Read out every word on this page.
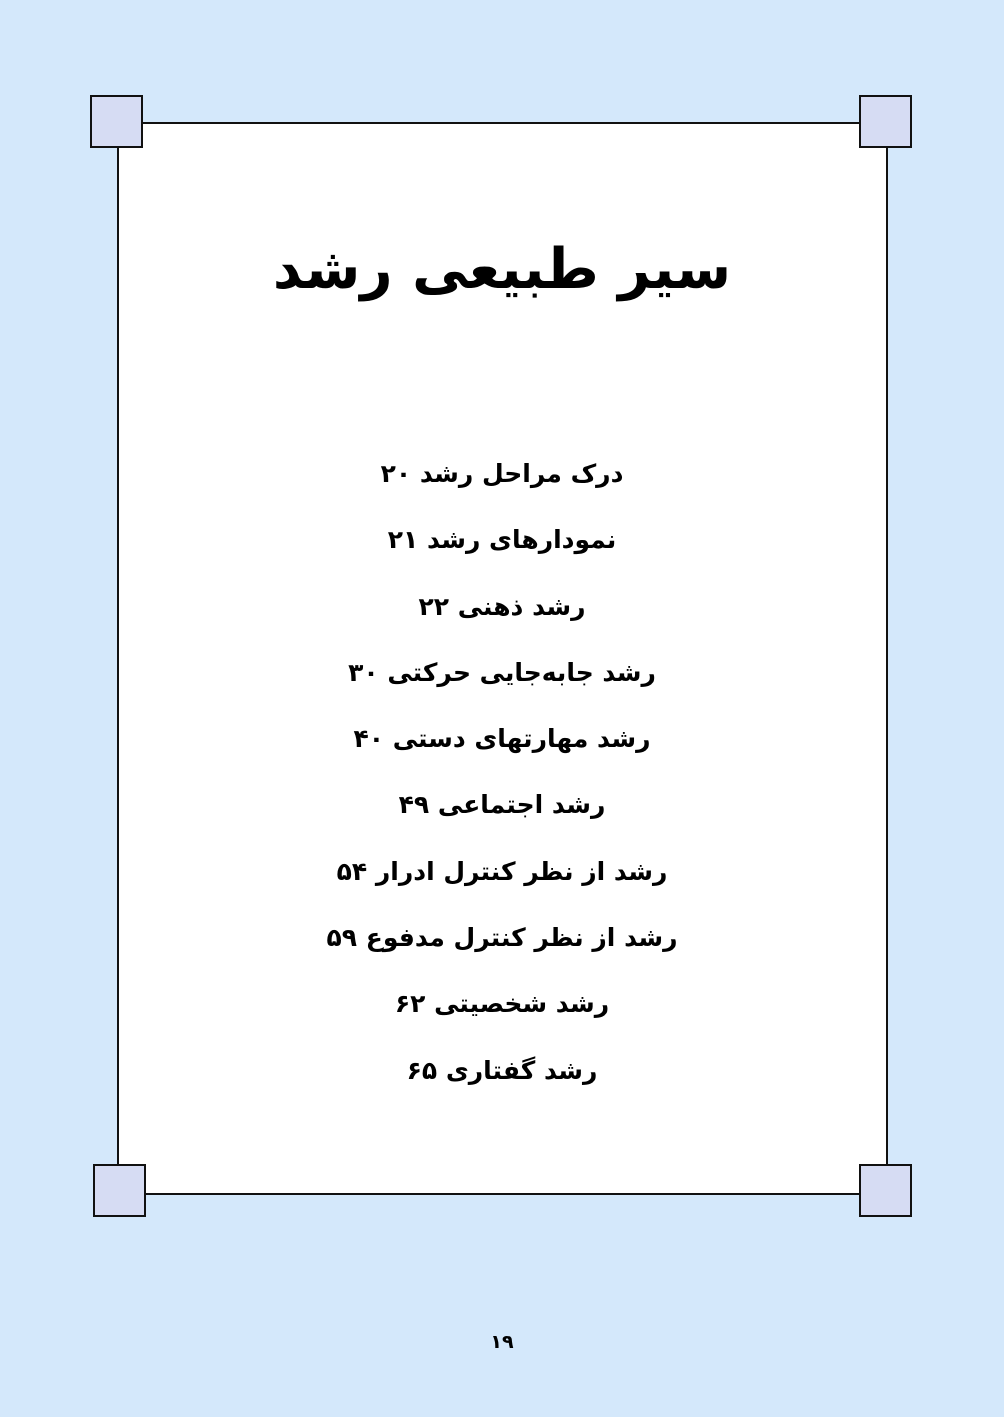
سیر طبیعی رشد
درک مراحل رشد ۲۰
نمودارهای رشد ۲۱
رشد ذهنی ۲۲
رشد جابه‌جایی حرکتی ۳۰
رشد مهارتهای دستی ۴۰
رشد اجتماعی ۴۹
رشد از نظر کنترل ادرار ۵۴
رشد از نظر کنترل مدفوع ۵۹
رشد شخصیتی ۶۲
رشد گفتاری ۶۵
۱۹
